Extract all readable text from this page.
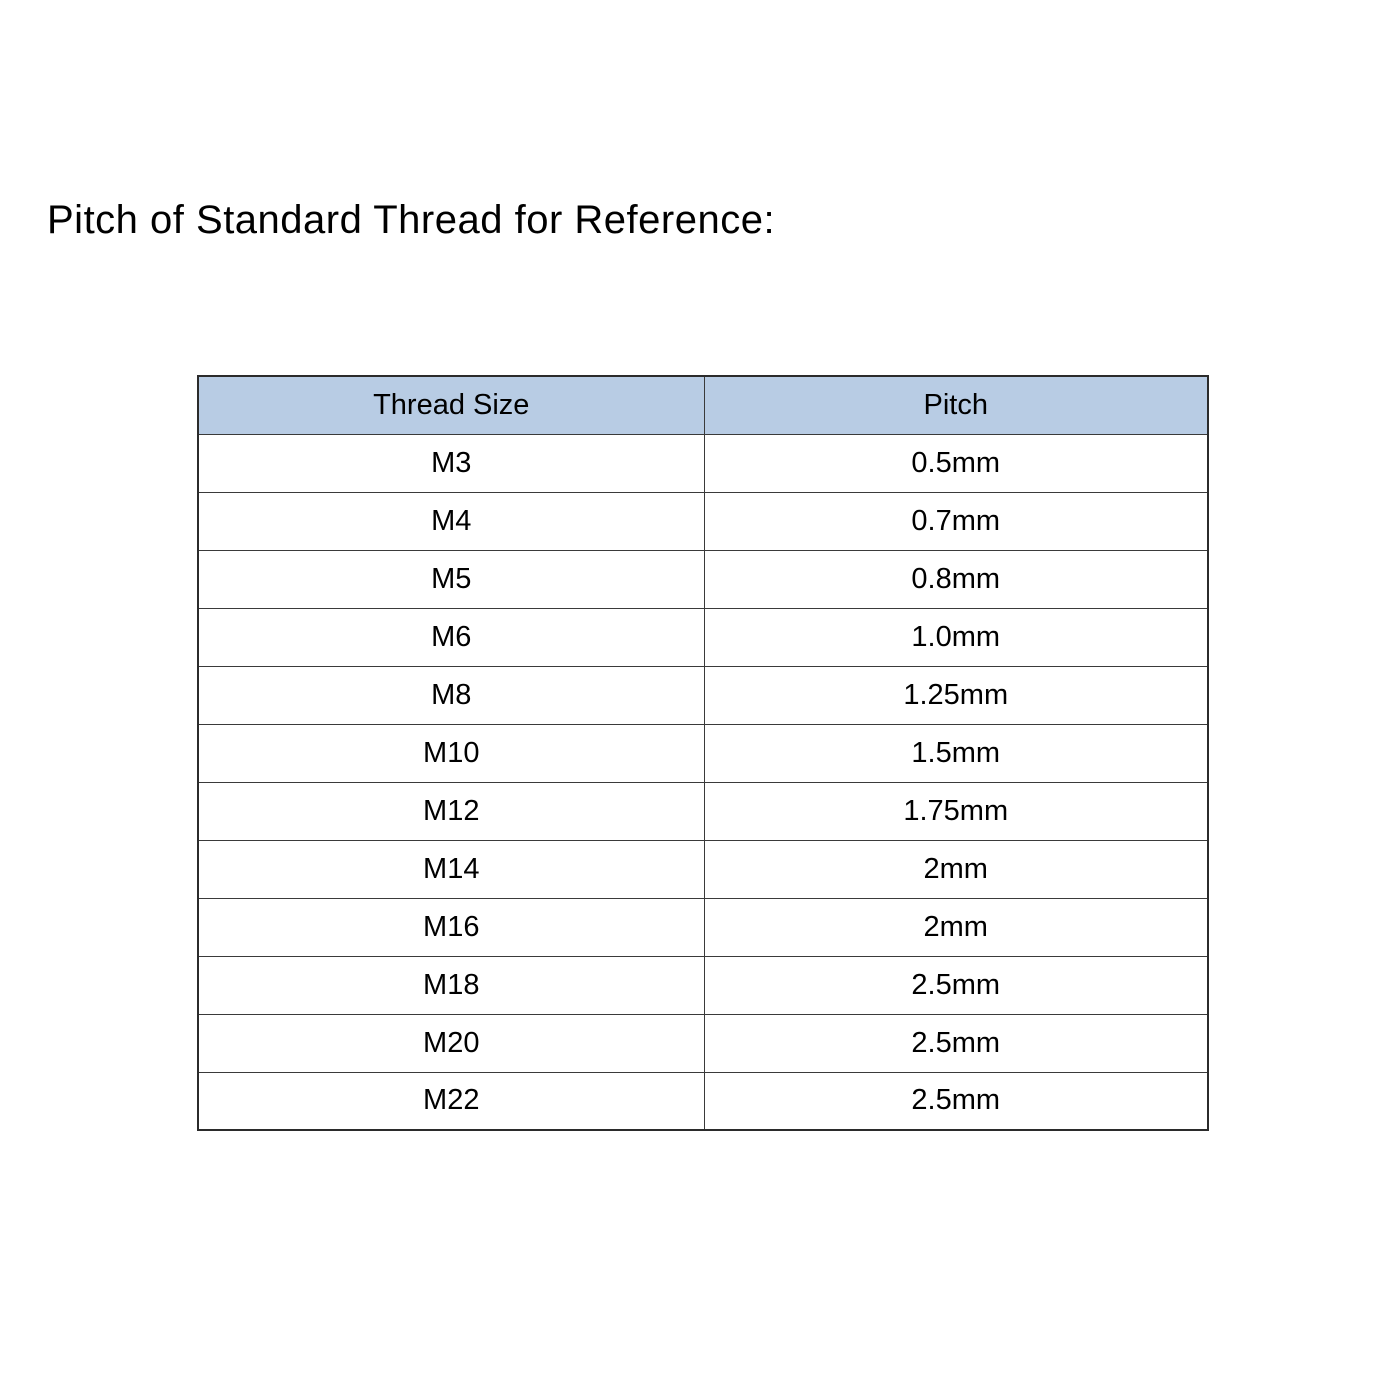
Pitch of Standard Thread for Reference:
Thread Size	Pitch
M3	0.5mm
M4	0.7mm
M5	0.8mm
M6	1.0mm
M8	1.25mm
M10	1.5mm
M12	1.75mm
M14	2mm
M16	2mm
M18	2.5mm
M20	2.5mm
M22	2.5mm
